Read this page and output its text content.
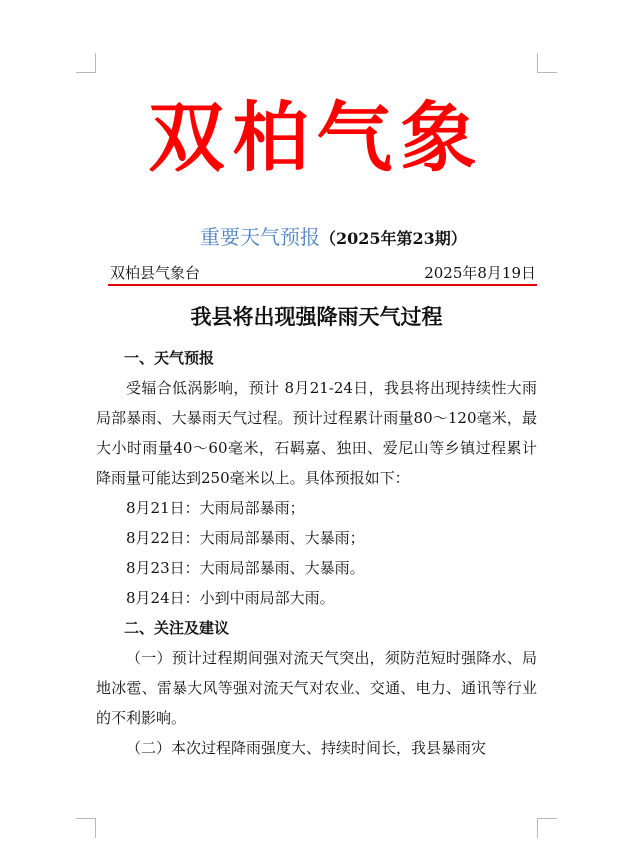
双柏气象
重要天气预报（2025年第23期）
双柏县气象台	2025年8月19日
我县将出现强降雨天气过程

一、天气预报

受辐合低涡影响，预计 8月21-24日，我县将出现持续性大雨局部暴雨、大暴雨天气过程。预计过程累计雨量80～120毫米，最大小时雨量40～60毫米，石羁嘉、独田、爱尼山等乡镇过程累计降雨量可能达到250毫米以上。具体预报如下：

8月21日：大雨局部暴雨；

8月22日：大雨局部暴雨、大暴雨；

8月23日：大雨局部暴雨、大暴雨。

8月24日：小到中雨局部大雨。

二、关注及建议

（一）预计过程期间强对流天气突出，须防范短时强降水、局地冰雹、雷暴大风等强对流天气对农业、交通、电力、通讯等行业的不利影响。

（二）本次过程降雨强度大、持续时间长，我县暴雨灾
